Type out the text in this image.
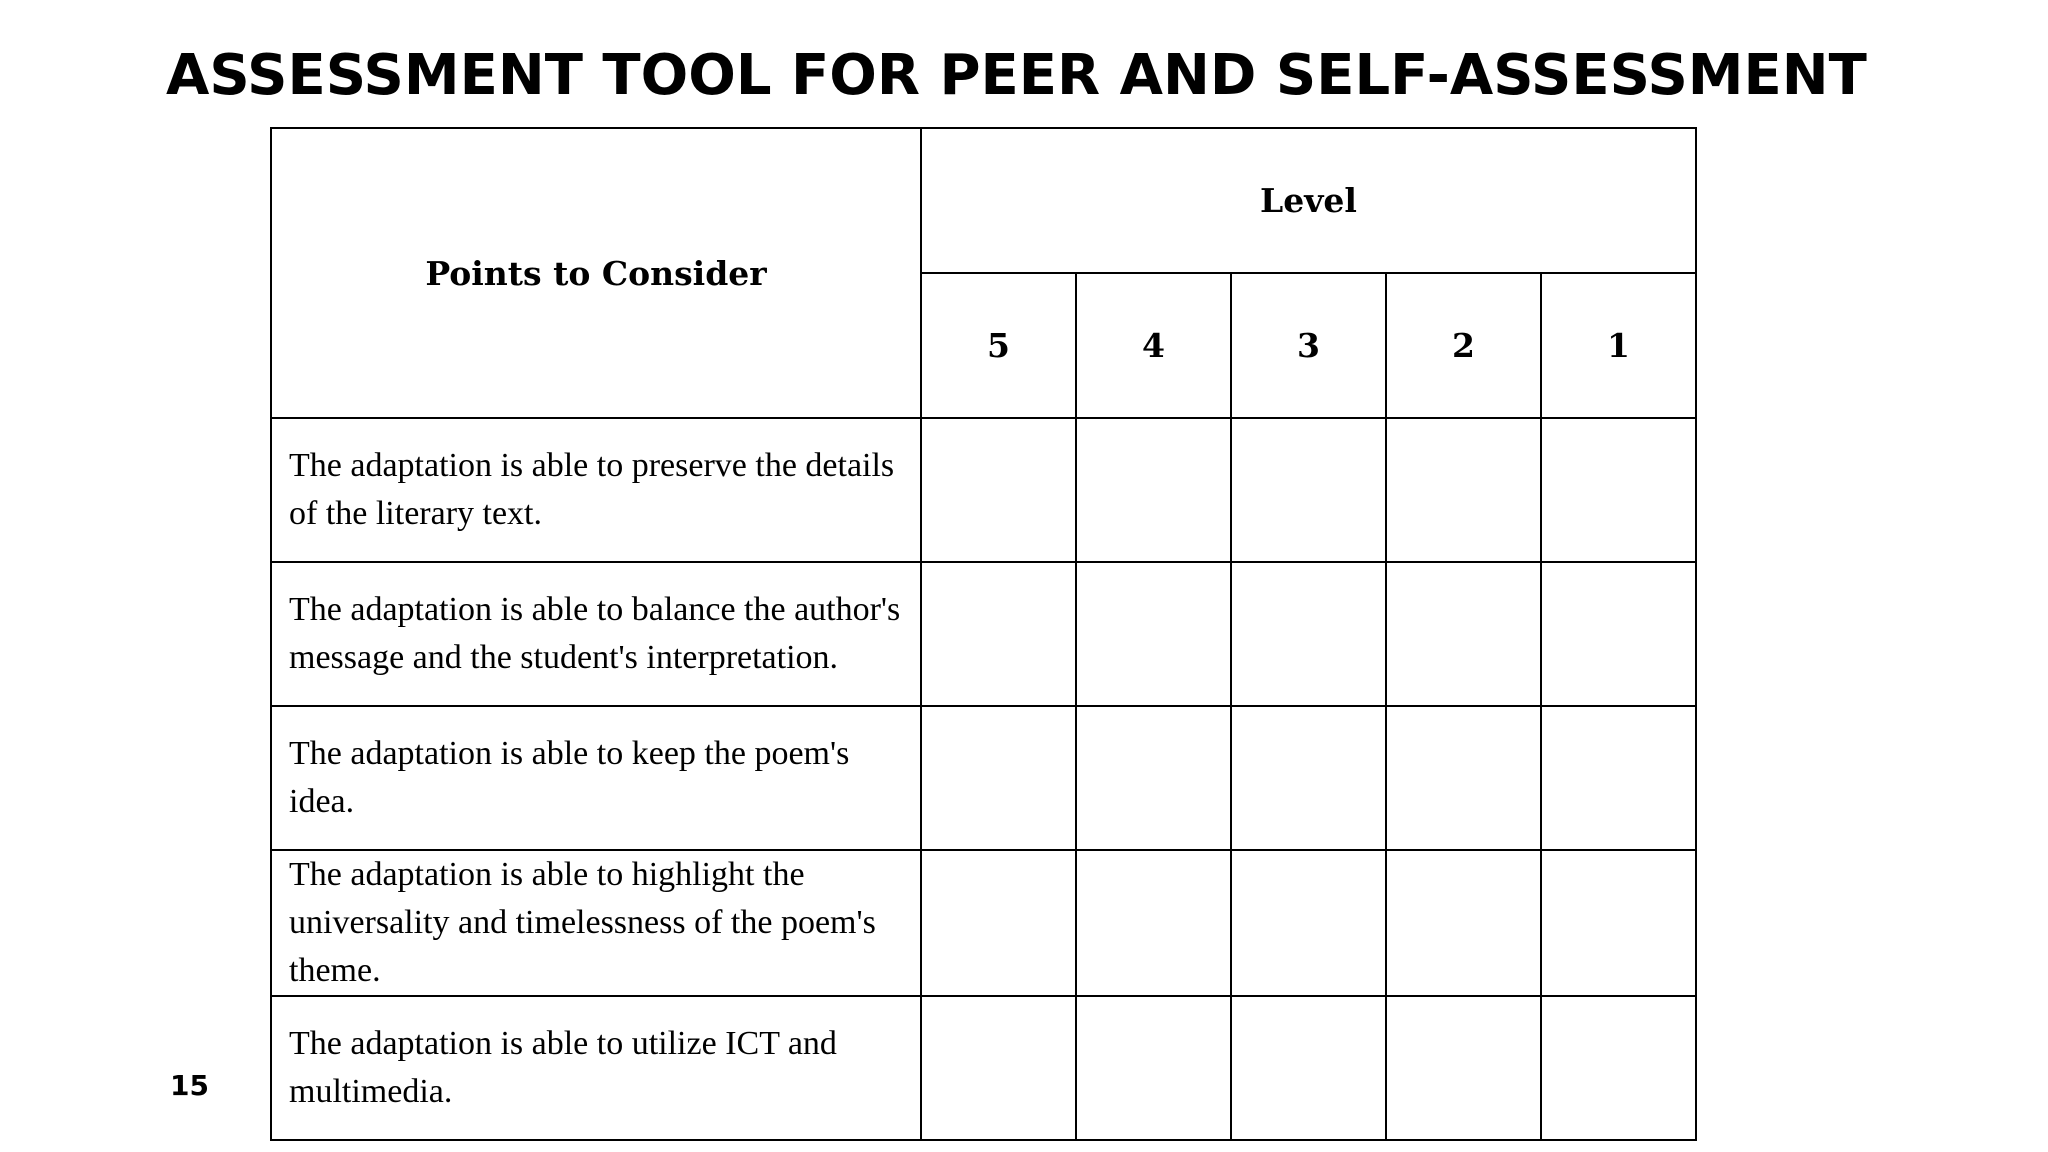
ASSESSMENT TOOL FOR PEER AND SELF-ASSESSMENT
Points to Consider	Level				
	5	4	3	2	1
The adaptation is able to preserve the details of the literary text.					
The adaptation is able to balance the author's message and the student's interpretation.					
The adaptation is able to keep the poem's idea.					
The adaptation is able to highlight the universality and timelessness of the poem's theme.					
The adaptation is able to utilize ICT and multimedia.					
15
